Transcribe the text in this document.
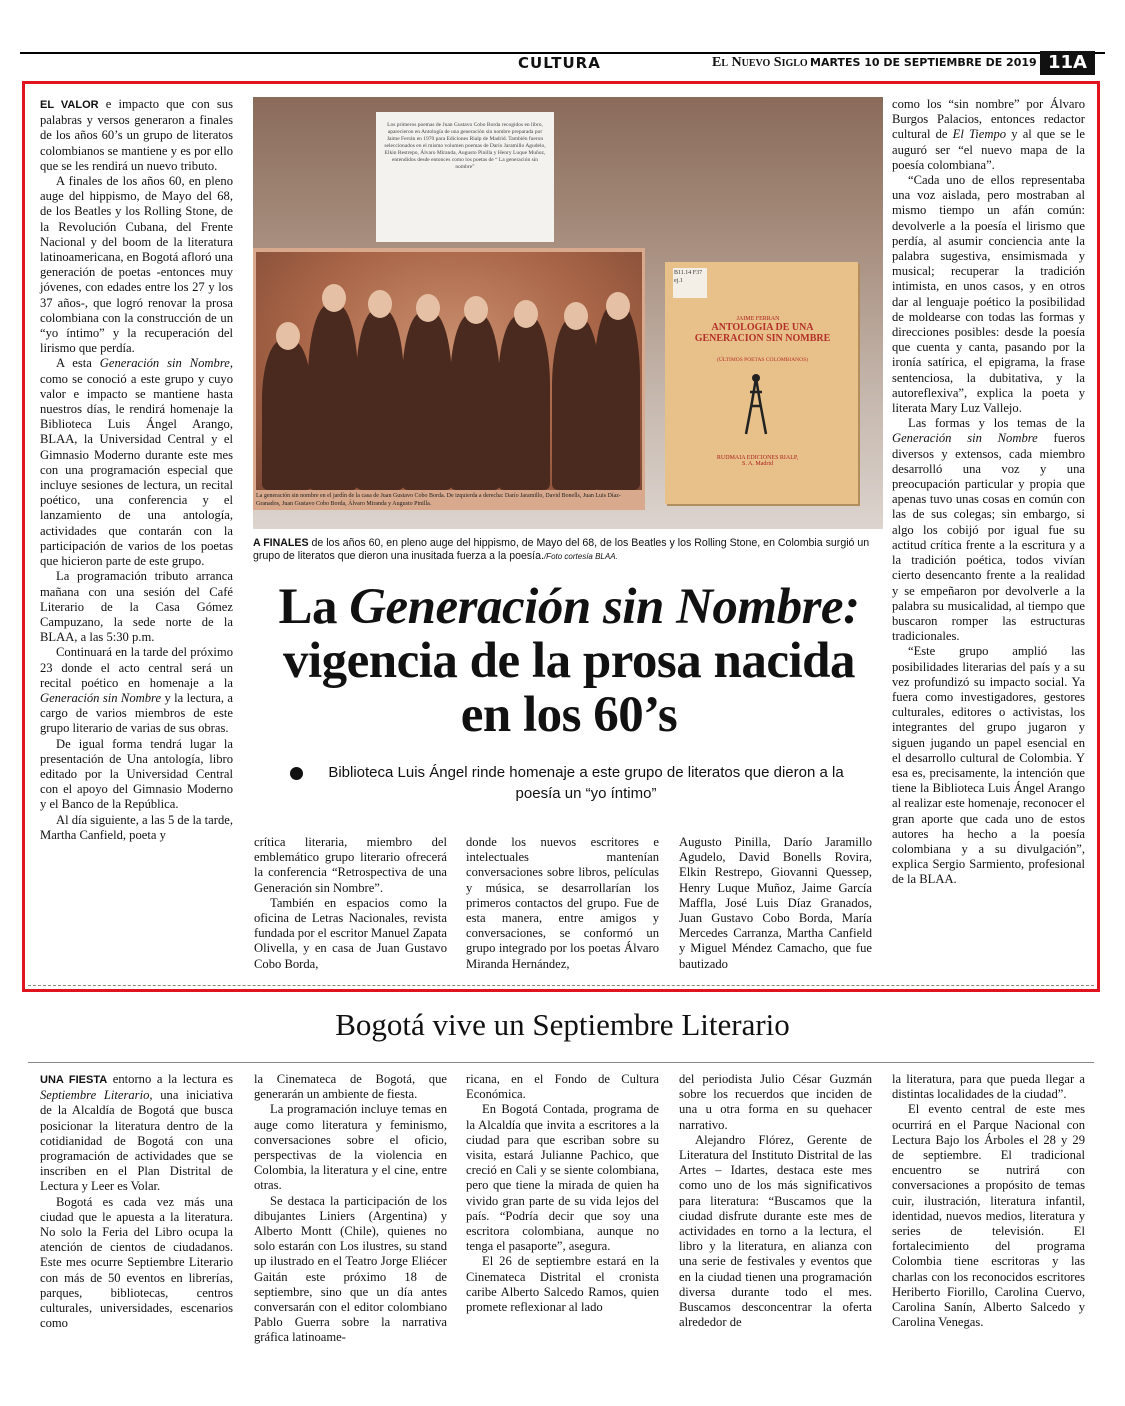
CULTURA	El Nuevo Siglo MARTES 10 DE SEPTIEMBRE DE 2019 11A

EL VALOR e impacto que con sus palabras y versos generaron a finales de los años 60’s un grupo de literatos colombianos se mantiene y es por ello que se les rendirá un nuevo tributo.

A finales de los años 60, en pleno auge del hippismo, de Mayo del 68, de los Beatles y los Rolling Stone, de la Revolución Cubana, del Frente Nacional y del boom de la literatura latinoamericana, en Bogotá afloró una generación de poetas -entonces muy jóvenes, con edades entre los 27 y los 37 años-, que logró renovar la prosa colombiana con la construcción de un “yo íntimo” y la recuperación del lirismo que perdía.

A esta Generación sin Nombre, como se conoció a este grupo y cuyo valor e impacto se mantiene hasta nuestros días, le rendirá homenaje la Biblioteca Luis Ángel Arango, BLAA, la Universidad Central y el Gimnasio Moderno durante este mes con una programación especial que incluye sesiones de lectura, un recital poético, una conferencia y el lanzamiento de una antología, actividades que contarán con la participación de varios de los poetas que hicieron parte de este grupo.

La programación tributo arranca mañana con una sesión del Café Literario de la Casa Gómez Campuzano, la sede norte de la BLAA, a las 5:30 p.m.

Continuará en la tarde del próximo 23 donde el acto central será un recital poético en homenaje a la Generación sin Nombre y la lectura, a cargo de varios miembros de este grupo literario de varias de sus obras.

De igual forma tendrá lugar la presentación de Una antología, libro editado por la Universidad Central con el apoyo del Gimnasio Moderno y el Banco de la República.

Al día siguiente, a las 5 de la tarde, Martha Canfield, poeta y

Los primeros poemas de Juan Gustavo Cobo Borda recogidos en libro, aparecieron en Antología de una generación sin nombre preparada por Jaime Ferrán en 1970 para Ediciones Rialp de Madrid. También fueron seleccionados en el mismo volumen poemas de Darío Jaramillo Agudelo, Elkin Restrepo, Álvaro Miranda, Augusto Pinilla y Henry Luque Muñoz, entendidos desde entonces como los poetas de “ La generación sin nombre”
La generación sin nombre en el jardín de la casa de Juan Gustavo Cobo Borda. De izquierda a derecha: Darío Jaramillo, David Bonells, Juan Luis Díaz-Granados, Juan Gustavo Cobo Borda, Álvaro Miranda y Augusto Pinilla.
B11.14 F37 ej.1
JAIME FERRAN
ANTOLOGIA DE UNA GENERACION SIN NOMBRE
(ÚLTIMOS POETAS COLOMBIANOS)
RUDMAIA EDICIONES RIALP, S. A. Madrid
A FINALES de los años 60, en pleno auge del hippismo, de Mayo del 68, de los Beatles y los Rolling Stone, en Colombia surgió un grupo de literatos que dieron una inusitada fuerza a la poesía./Foto cortesía BLAA.
La Generación sin Nombre: vigencia de la prosa nacida en los 60’s
Biblioteca Luis Ángel rinde homenaje a este grupo de literatos que dieron a la poesía un “yo íntimo”

crítica literaria, miembro del emblemático grupo literario ofrecerá la conferencia “Retrospectiva de una Generación sin Nombre”.

También en espacios como la oficina de Letras Nacionales, revista fundada por el escritor Manuel Zapata Olivella, y en casa de Juan Gustavo Cobo Borda,

donde los nuevos escritores e intelectuales mantenían conversaciones sobre libros, películas y música, se desarrollarían los primeros contactos del grupo. Fue de esta manera, entre amigos y conversaciones, se conformó un grupo integrado por los poetas Álvaro Miranda Hernández,

Augusto Pinilla, Darío Jaramillo Agudelo, David Bonells Rovira, Elkin Restrepo, Giovanni Quessep, Henry Luque Muñoz, Jaime García Maffla, José Luis Díaz Granados, Juan Gustavo Cobo Borda, María Mercedes Carranza, Martha Canfield y Miguel Méndez Camacho, que fue bautizado

como los “sin nombre” por Álvaro Burgos Palacios, entonces redactor cultural de El Tiempo y al que se le auguró ser “el nuevo mapa de la poesía colombiana”.

“Cada uno de ellos representaba una voz aislada, pero mostraban al mismo tiempo un afán común: devolverle a la poesía el lirismo que perdía, al asumir conciencia ante la palabra sugestiva, ensimismada y musical; recuperar la tradición intimista, en unos casos, y en otros dar al lenguaje poético la posibilidad de moldearse con todas las formas y direcciones posibles: desde la poesía que cuenta y canta, pasando por la ironía satírica, el epigrama, la frase sentenciosa, la dubitativa, y la autoreflexiva”, explica la poeta y literata Mary Luz Vallejo.

Las formas y los temas de la Generación sin Nombre fueros diversos y extensos, cada miembro desarrolló una voz y una preocupación particular y propia que apenas tuvo unas cosas en común con las de sus colegas; sin embargo, si algo los cobijó por igual fue su actitud crítica frente a la escritura y a la tradición poética, todos vivían cierto desencanto frente a la realidad y se empeñaron por devolverle a la palabra su musicalidad, al tiempo que buscaron romper las estructuras tradicionales.

“Este grupo amplió las posibilidades literarias del país y a su vez profundizó su impacto social. Ya fuera como investigadores, gestores culturales, editores o activistas, los integrantes del grupo jugaron y siguen jugando un papel esencial en el desarrollo cultural de Colombia. Y esa es, precisamente, la intención que tiene la Biblioteca Luis Ángel Arango al realizar este homenaje, reconocer el gran aporte que cada uno de estos autores ha hecho a la poesía colombiana y a su divulgación”, explica Sergio Sarmiento, profesional de la BLAA.

Bogotá vive un Septiembre Literario

UNA FIESTA entorno a la lectura es Septiembre Literario, una iniciativa de la Alcaldía de Bogotá que busca posicionar la literatura dentro de la cotidianidad de Bogotá con una programación de actividades que se inscriben en el Plan Distrital de Lectura y Leer es Volar.

Bogotá es cada vez más una ciudad que le apuesta a la literatura. No solo la Feria del Libro ocupa la atención de cientos de ciudadanos. Este mes ocurre Septiembre Literario con más de 50 eventos en librerías, parques, bibliotecas, centros culturales, universidades, escenarios como

la Cinemateca de Bogotá, que generarán un ambiente de fiesta.

La programación incluye temas en auge como literatura y feminismo, conversaciones sobre el oficio, perspectivas de la violencia en Colombia, la literatura y el cine, entre otras.

Se destaca la participación de los dibujantes Liniers (Argentina) y Alberto Montt (Chile), quienes no solo estarán con Los ilustres, su stand up ilustrado en el Teatro Jorge Eliécer Gaitán este próximo 18 de septiembre, sino que un día antes conversarán con el editor colombiano Pablo Guerra sobre la narrativa gráfica latinoame-

ricana, en el Fondo de Cultura Económica.

En Bogotá Contada, programa de la Alcaldía que invita a escritores a la ciudad para que escriban sobre su visita, estará Julianne Pachico, que creció en Cali y se siente colombiana, pero que tiene la mirada de quien ha vivido gran parte de su vida lejos del país. “Podría decir que soy una escritora colombiana, aunque no tenga el pasaporte”, asegura.

El 26 de septiembre estará en la Cinemateca Distrital el cronista caribe Alberto Salcedo Ramos, quien promete reflexionar al lado

del periodista Julio César Guzmán sobre los recuerdos que inciden de una u otra forma en su quehacer narrativo.

Alejandro Flórez, Gerente de Literatura del Instituto Distrital de las Artes – Idartes, destaca este mes como uno de los más significativos para literatura: “Buscamos que la ciudad disfrute durante este mes de actividades en torno a la lectura, el libro y la literatura, en alianza con una serie de festivales y eventos que en la ciudad tienen una programación diversa durante todo el mes. Buscamos desconcentrar la oferta alrededor de

la literatura, para que pueda llegar a distintas localidades de la ciudad”.

El evento central de este mes ocurrirá en el Parque Nacional con Lectura Bajo los Árboles el 28 y 29 de septiembre. El tradicional encuentro se nutrirá con conversaciones a propósito de temas cuir, ilustración, literatura infantil, identidad, nuevos medios, literatura y series de televisión. El fortalecimiento del programa Colombia tiene escritoras y las charlas con los reconocidos escritores Heriberto Fiorillo, Carolina Cuervo, Carolina Sanín, Alberto Salcedo y Carolina Venegas.
